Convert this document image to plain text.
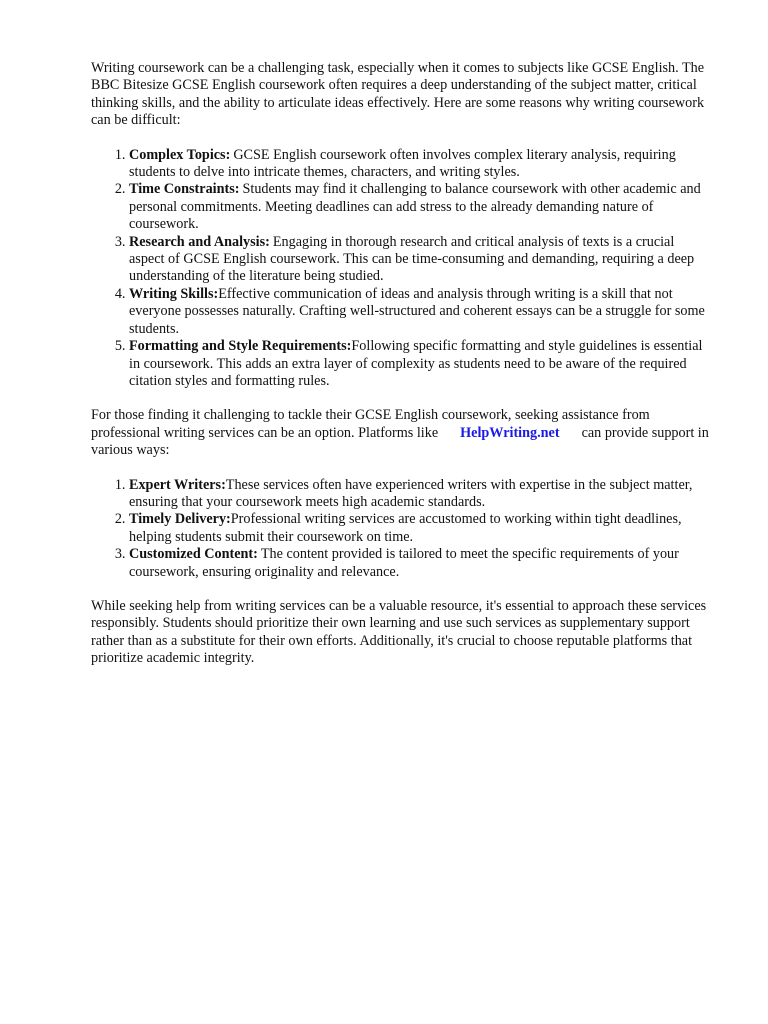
Writing coursework can be a challenging task, especially when it comes to subjects like GCSE English. The BBC Bitesize GCSE English coursework often requires a deep understanding of the subject matter, critical thinking skills, and the ability to articulate ideas effectively. Here are some reasons why writing coursework can be difficult:

1. Complex Topics: GCSE English coursework often involves complex literary analysis, requiring students to delve into intricate themes, characters, and writing styles.
2. Time Constraints: Students may find it challenging to balance coursework with other academic and personal commitments. Meeting deadlines can add stress to the already demanding nature of coursework.
3. Research and Analysis: Engaging in thorough research and critical analysis of texts is a crucial aspect of GCSE English coursework. This can be time-consuming and demanding, requiring a deep understanding of the literature being studied.
4. Writing Skills:Effective communication of ideas and analysis through writing is a skill that not everyone possesses naturally. Crafting well-structured and coherent essays can be a struggle for some students.
5. Formatting and Style Requirements:Following specific formatting and style guidelines is essential in coursework. This adds an extra layer of complexity as students need to be aware of the required citation styles and formatting rules.

For those finding it challenging to tackle their GCSE English coursework, seeking assistance from professional writing services can be an option. Platforms like HelpWriting.net can provide support in various ways:

1. Expert Writers:These services often have experienced writers with expertise in the subject matter, ensuring that your coursework meets high academic standards.
2. Timely Delivery:Professional writing services are accustomed to working within tight deadlines, helping students submit their coursework on time.
3. Customized Content: The content provided is tailored to meet the specific requirements of your coursework, ensuring originality and relevance.

While seeking help from writing services can be a valuable resource, it's essential to approach these services responsibly. Students should prioritize their own learning and use such services as supplementary support rather than as a substitute for their own efforts. Additionally, it's crucial to choose reputable platforms that prioritize academic integrity.
